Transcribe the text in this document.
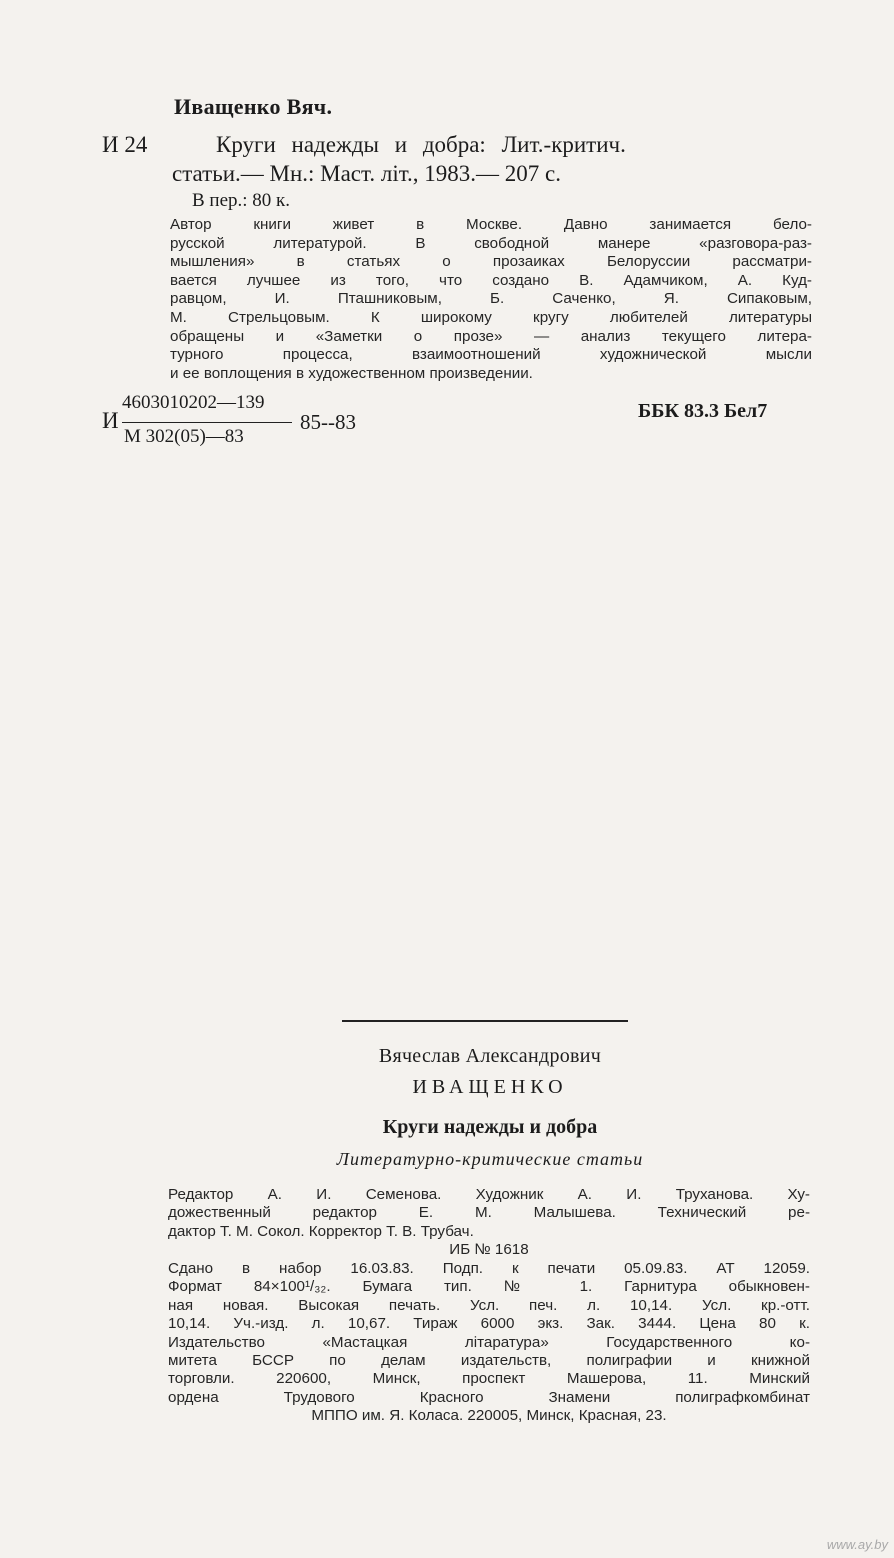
Иващенко Вяч.
И 24	Круги надежды и добра: Лит.-критич.
статьи.— Мн.: Маст. літ., 1983.— 207 с.
В пер.: 80 к.
Автор книги живет в Москве. Давно занимается бело-
русской литературой. В свободной манере «разговора-раз-
мышления» в статьях о прозаиках Белоруссии рассматри-
вается лучшее из того, что создано В. Адамчиком, А. Куд-
равцом, И. Пташниковым, Б. Саченко, Я. Сипаковым,
М. Стрельцовым. К широкому кругу любителей литературы
обращены и «Заметки о прозе» — анализ текущего литера-
турного процесса, взаимоотношений художнической мысли
и ее воплощения в художественном произведении.
И
4603010202—139
М 302(05)—83
85--83	ББК 83.3 Бел7
Вячеслав Александрович
ИВАЩЕНКО
Круги надежды и добра
Литературно-критические статьи
Редактор А. И. Семенова. Художник А. И. Труханова. Ху-
дожественный редактор Е. М. Малышева. Технический ре-
дактор Т. М. Сокол. Корректор Т. В. Трубач.
ИБ № 1618
Сдано в набор 16.03.83. Подп. к печати 05.09.83. АТ 12059.
Формат 84×100¹/₃₂. Бумага тип. № 1. Гарнитура обыкновен-
ная новая. Высокая печать. Усл. печ. л. 10,14. Усл. кр.-отт.
10,14. Уч.-изд. л. 10,67. Тираж 6000 экз. Зак. 3444. Цена 80 к.
Издательство «Мастацкая літаратура» Государственного ко-
митета БССР по делам издательств, полиграфии и книжной
торговли. 220600, Минск, проспект Машерова, 11. Минский
ордена Трудового Красного Знамени полиграфкомбинат
МППО им. Я. Коласа. 220005, Минск, Красная, 23.
www.ay.by
